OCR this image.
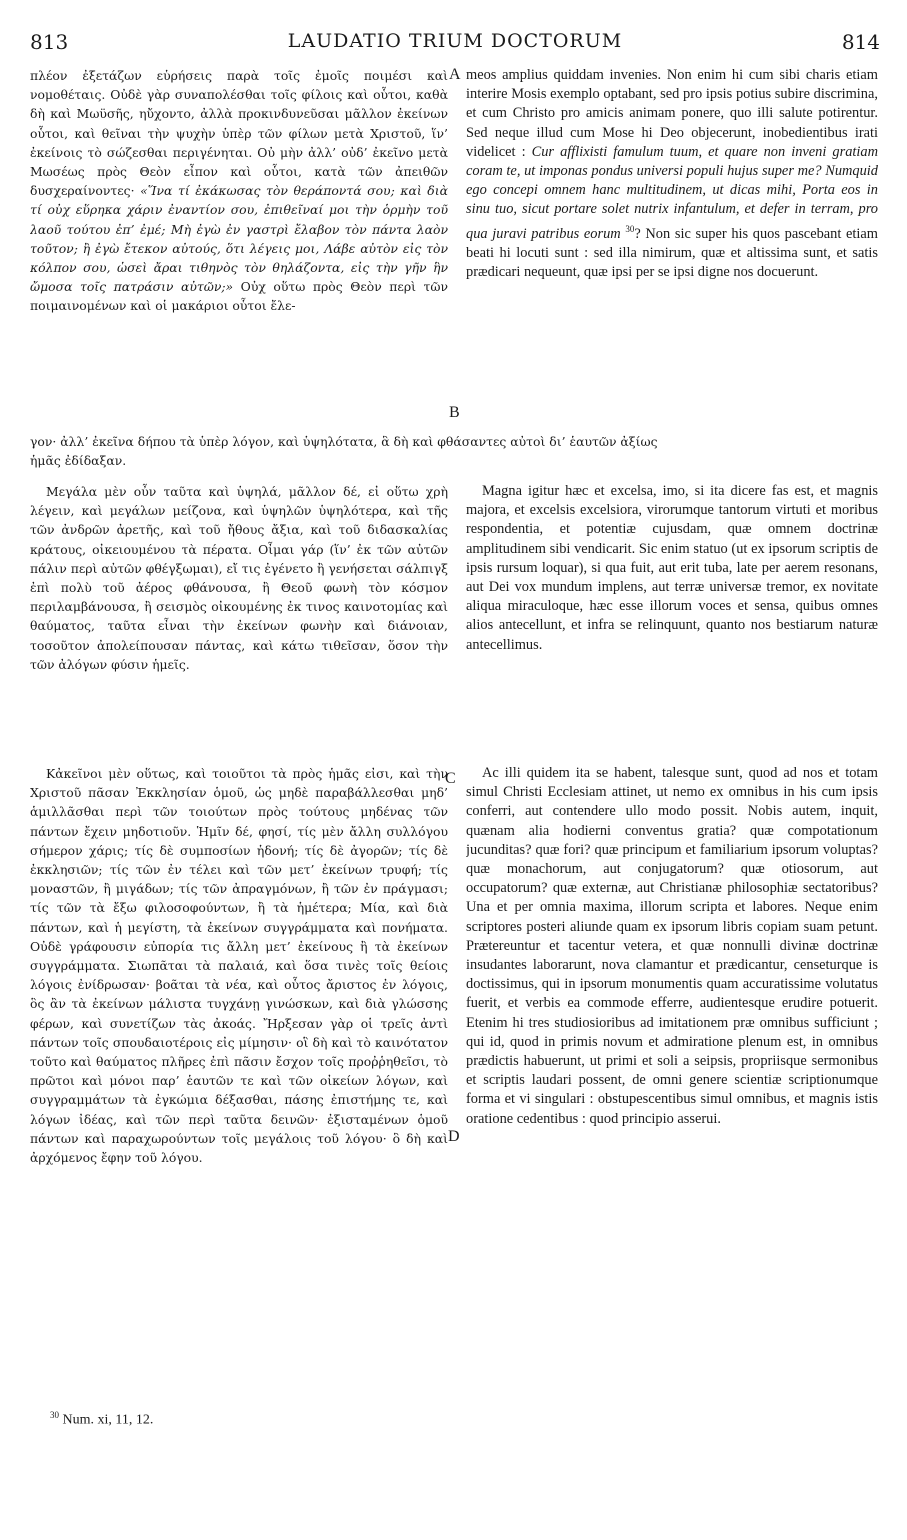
813	LAUDATIO TRIUM DOCTORUM	814

πλέον ἐξετάζων εὑρήσεις παρὰ τοῖς ἐμοῖς ποιμέσι καὶ νομοθέταις. Οὐδὲ γὰρ συναπολέσθαι τοῖς φίλοις καὶ οὗτοι, καθὰ δὴ καὶ Μωϋσῆς, ηὔχοντο, ἀλλὰ προκινδυνεῦσαι μᾶλλον ἐκείνων οὗτοι, καὶ θεῖναι τὴν ψυχὴν ὑπὲρ τῶν φίλων μετὰ Χριστοῦ, ἵν’ ἐκείνοις τὸ σώζεσθαι περιγένηται. Οὐ μὴν ἀλλ’ οὐδ’ ἐκεῖνο μετὰ Μωσέως πρὸς Θεὸν εἶπον καὶ οὗτοι, κατὰ τῶν ἀπειθῶν δυσχεραίνοντες· «Ἵνα τί ἐκάκωσας τὸν θεράποντά σου; καὶ διὰ τί οὐχ εὕρηκα χάριν ἐναντίον σου, ἐπιθεῖναί μοι τὴν ὁρμὴν τοῦ λαοῦ τούτου ἐπ’ ἐμέ; Μὴ ἐγὼ ἐν γαστρὶ ἔλαβον τὸν πάντα λαὸν τοῦτον; ἢ ἐγὼ ἔτεκον αὐτούς, ὅτι λέγεις μοι, Λάβε αὐτὸν εἰς τὸν κόλπον σου, ὡσεὶ ἄραι τιθηνὸς τὸν θηλάζοντα, εἰς τὴν γῆν ἣν ὤμοσα τοῖς πατράσιν αὐτῶν;» Οὐχ οὕτω πρὸς Θεὸν περὶ τῶν ποιμαινομένων καὶ οἱ μακάριοι οὗτοι ἔλε-

A
B

meos amplius quiddam invenies. Non enim hi cum sibi charis etiam interire Mosis exemplo optabant, sed pro ipsis potius subire discrimina, et cum Christo pro amicis animam ponere, quo illi salute potirentur. Sed neque illud cum Mose hi Deo objecerunt, inobedientibus irati videlicet : Cur afflixisti famulum tuum, et quare non inveni gratiam coram te, ut imponas pondus universi populi hujus super me? Numquid ego concepi omnem hanc multitudinem, ut dicas mihi, Porta eos in sinu tuo, sicut portare solet nutrix infantulum, et defer in terram, pro qua juravi patribus eorum $^{30}$? Non sic super his quos pascebant etiam beati hi locuti sunt : sed illa nimirum, quæ et altissima sunt, et satis prædicari nequeunt, quæ ipsi per se ipsi digne nos docuerunt.

γον· ἀλλ’ ἐκεῖνα δήπου τὰ ὑπὲρ λόγον, καὶ ὑψηλότατα, ἃ δὴ καὶ φθάσαντες αὐτοὶ δι’ ἑαυτῶν ἀξίως
ἡμᾶς ἐδίδαξαν.

Μεγάλα μὲν οὖν ταῦτα καὶ ὑψηλά, μᾶλλον δέ, εἰ οὕτω χρὴ λέγειν, καὶ μεγάλων μείζονα, καὶ ὑψηλῶν ὑψηλότερα, καὶ τῆς τῶν ἀνδρῶν ἀρετῆς, καὶ τοῦ ἤθους ἄξια, καὶ τοῦ διδασκαλίας κράτους, οἰκειουμένου τὰ πέρατα. Οἶμαι γάρ (ἵν’ ἐκ τῶν αὐτῶν πάλιν περὶ αὐτῶν φθέγξωμαι), εἴ τις ἐγένετο ἢ γενήσεται σάλπιγξ ἐπὶ πολὺ τοῦ ἀέρος φθάνουσα, ἢ Θεοῦ φωνὴ τὸν κόσμον περιλαμβάνουσα, ἢ σεισμὸς οἰκουμένης ἐκ τινος καινοτομίας καὶ θαύματος, ταῦτα εἶναι τὴν ἐκείνων φωνὴν καὶ διάνοιαν, τοσοῦτον ἀπολείπουσαν πάντας, καὶ κάτω τιθεῖσαν, ὅσον τὴν τῶν ἀλόγων φύσιν ἡμεῖς.

Magna igitur hæc et excelsa, imo, si ita dicere fas est, et magnis majora, et excelsis excelsiora, virorumque tantorum virtuti et moribus respondentia, et potentiæ cujusdam, quæ omnem doctrinæ amplitudinem sibi vendicarit. Sic enim statuo (ut ex ipsorum scriptis de ipsis rursum loquar), si qua fuit, aut erit tuba, late per aerem resonans, aut Dei vox mundum implens, aut terræ universæ tremor, ex novitate aliqua miraculoque, hæc esse illorum voces et sensa, quibus omnes alios antecellunt, et infra se relinquunt, quanto nos bestiarum naturæ antecellimus.

C
D

Κἀκεῖνοι μὲν οὕτως, καὶ τοιοῦτοι τὰ πρὸς ἡμᾶς εἰσι, καὶ τὴν Χριστοῦ πᾶσαν Ἐκκλησίαν ὁμοῦ, ὡς μηδὲ παραβάλλεσθαι μηδ’ ἁμιλλᾶσθαι περὶ τῶν τοιούτων πρὸς τούτους μηδένας τῶν πάντων ἔχειν μηδοτιοῦν. Ἡμῖν δέ, φησί, τίς μὲν ἄλλη συλλόγου σήμερον χάρις; τίς δὲ συμποσίων ἡδονή; τίς δὲ ἀγορῶν; τίς δὲ ἐκκλησιῶν; τίς τῶν ἐν τέλει καὶ τῶν μετ’ ἐκείνων τρυφή; τίς μοναστῶν, ἢ μιγάδων; τίς τῶν ἀπραγμόνων, ἢ τῶν ἐν πράγμασι; τίς τῶν τὰ ἔξω φιλοσοφούντων, ἢ τὰ ἡμέτερα; Μία, καὶ διὰ πάντων, καὶ ἡ μεγίστη, τὰ ἐκείνων συγγράμματα καὶ πονήματα. Οὐδὲ γράφουσιν εὐπορία τις ἄλλη μετ’ ἐκείνους ἢ τὰ ἐκείνων συγγράμματα. Σιωπᾶται τὰ παλαιά, καὶ ὅσα τινὲς τοῖς θείοις λόγοις ἐνίδρωσαν· βοᾶται τὰ νέα, καὶ οὗτος ἄριστος ἐν λόγοις, ὃς ἂν τὰ ἐκείνων μάλιστα τυγχάνῃ γινώσκων, καὶ διὰ γλώσσης φέρων, καὶ συνετίζων τὰς ἀκοάς. Ἤρξεσαν γὰρ οἱ τρεῖς ἀντὶ πάντων τοῖς σπουδαιοτέροις εἰς μίμησιν· οἳ δὴ καὶ τὸ καινότατον τοῦτο καὶ θαύματος πλῆρες ἐπὶ πᾶσιν ἔσχον τοῖς προῤῥηθεῖσι, τὸ πρῶτοι καὶ μόνοι παρ’ ἑαυτῶν τε καὶ τῶν οἰκείων λόγων, καὶ συγγραμμάτων τὰ ἐγκώμια δέξασθαι, πάσης ἐπιστήμης τε, καὶ λόγων ἰδέας, καὶ τῶν περὶ ταῦτα δεινῶν· ἐξισταμένων ὁμοῦ πάντων καὶ παραχωρούντων τοῖς μεγάλοις τοῦ λόγου· ὃ δὴ καὶ ἀρχόμενος ἔφην τοῦ λόγου.

Ac illi quidem ita se habent, talesque sunt, quod ad nos et totam simul Christi Ecclesiam attinet, ut nemo ex omnibus in his cum ipsis conferri, aut contendere ullo modo possit. Nobis autem, inquit, quænam alia hodierni conventus gratia? quæ compotationum jucunditas? quæ fori? quæ principum et familiarium ipsorum voluptas? quæ monachorum, aut conjugatorum? quæ otiosorum, aut occupatorum? quæ externæ, aut Christianæ philosophiæ sectatoribus? Una et per omnia maxima, illorum scripta et labores. Neque enim scriptores posteri aliunde quam ex ipsorum libris copiam suam petunt. Prætereuntur et tacentur vetera, et quæ nonnulli divinæ doctrinæ insudantes laborarunt, nova clamantur et prædicantur, censeturque is doctissimus, qui in ipsorum monumentis quam accuratissime volutatus fuerit, et verbis ea commode efferre, audientesque erudire potuerit. Etenim hi tres studiosioribus ad imitationem præ omnibus sufficiunt ; qui id, quod in primis novum et admiratione plenum est, in omnibus prædictis habuerunt, ut primi et soli a seipsis, propriisque sermonibus et scriptis laudari possent, de omni genere scientiæ scriptionumque forma et vi singulari : obstupescentibus simul omnibus, et magnis istis oratione cedentibus : quod principio asserui.

$^{30}$ Num. xi, 11, 12.
